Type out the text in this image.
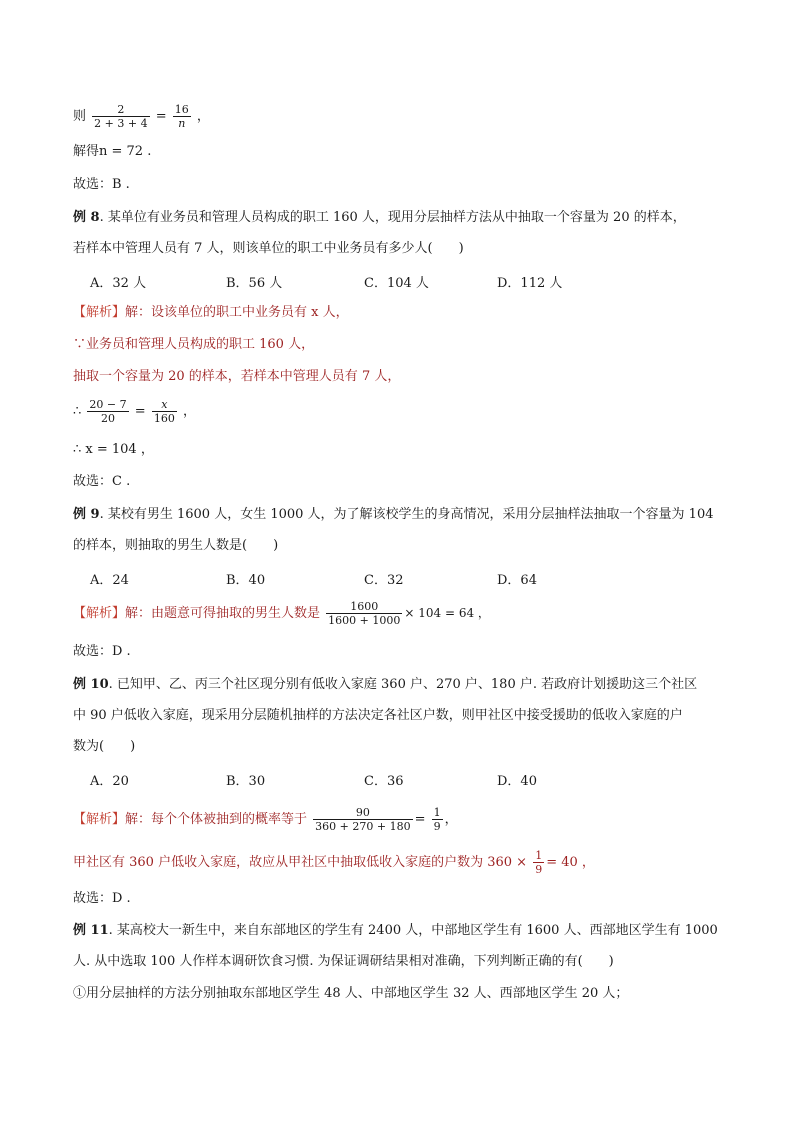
则 $\frac{2}{2 + 3 + 4} = \frac{16}{n}$ ，
解得n = 72 .
故选：B .
例 8. 某单位有业务员和管理人员构成的职工 160 人，现用分层抽样方法从中抽取一个容量为 20 的样本，
若样本中管理人员有 7 人，则该单位的职工中业务员有多少人(　　)
A．32 人	B．56 人	C．104 人	D．112 人
【解析】解：设该单位的职工中业务员有 x 人，
∵业务员和管理人员构成的职工 160 人，
抽取一个容量为 20 的样本，若样本中管理人员有 7 人，
∴ $\frac{20 - 7}{20} = \frac{x}{160}$ ，
∴ x = 104 ，
故选：C .
例 9. 某校有男生 1600 人，女生 1000 人，为了解该校学生的身高情况，采用分层抽样法抽取一个容量为 104
的样本，则抽取的男生人数是(　　)
A．24	B．40	C．32	D．64
【解析】解：由题意可得抽取的男生人数是 $\frac{1600}{1600 + 1000} \times 104 = 64$ ，
故选：D .
例 10. 已知甲、乙、丙三个社区现分别有低收入家庭 360 户、270 户、180 户. 若政府计划援助这三个社区
中 90 户低收入家庭，现采用分层随机抽样的方法决定各社区户数，则甲社区中接受援助的低收入家庭的户
数为(　　)
A．20	B．30	C．36	D．40
【解析】解：每个个体被抽到的概率等于 $\frac{90}{360 + 270 + 180} = \frac{1}{9}$ ，
甲社区有 360 户低收入家庭，故应从甲社区中抽取低收入家庭的户数为 $360 \times \frac{1}{9} = 40$ ，
故选：D .
例 11. 某高校大一新生中，来自东部地区的学生有 2400 人，中部地区学生有 1600 人、西部地区学生有 1000
人. 从中选取 100 人作样本调研饮食习惯. 为保证调研结果相对准确，下列判断正确的有(　　)
①用分层抽样的方法分别抽取东部地区学生 48 人、中部地区学生 32 人、西部地区学生 20 人；
